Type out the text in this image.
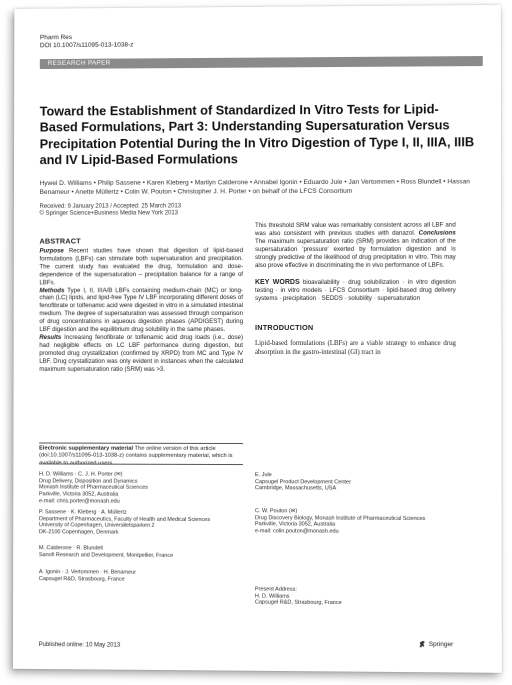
Pharm Res
DOI 10.1007/s11095-013-1038-z
RESEARCH PAPER
Toward the Establishment of Standardized In Vitro Tests for Lipid-Based Formulations, Part 3: Understanding Supersaturation Versus Precipitation Potential During the In Vitro Digestion of Type I, II, IIIA, IIIB and IV Lipid-Based Formulations
Hywel D. Williams • Philip Sassene • Karen Kleberg • Marilyn Calderone • Annabel Igonin • Eduardo Jule • Jan Vertommen • Ross Blundell • Hassan Benameur • Anette Müllertz • Colin W. Pouton • Christopher J. H. Porter • on behalf of the LFCS Consortium
Received: 9 January 2013 / Accepted: 25 March 2013
© Springer Science+Business Media New York 2013
ABSTRACT

Purpose Recent studies have shown that digestion of lipid-based formulations (LBFs) can stimulate both supersaturation and precipitation. The current study has evaluated the drug, formulation and dose-dependence of the supersaturation – precipitation balance for a range of LBFs.

Methods Type I, II, IIIA/B LBFs containing medium-chain (MC) or long-chain (LC) lipids, and lipid-free Type IV LBF incorporating different doses of fenofibrate or tolfenamic acid were digested in vitro in a simulated intestinal medium. The degree of supersaturation was assessed through comparison of drug concentrations in aqueous digestion phases (APDIGEST) during LBF digestion and the equilibrium drug solubility in the same phases.

Results Increasing fenofibrate or tolfenamic acid drug loads (i.e., dose) had negligible effects on LC LBF performance during digestion, but promoted drug crystallization (confirmed by XRPD) from MC and Type IV LBF. Drug crystallization was only evident in instances when the calculated maximum supersaturation ratio (SRM) was >3.

This threshold SRM value was remarkably consistent across all LBF and was also consistent with previous studies with danazol. Conclusions The maximum supersaturation ratio (SRM) provides an indication of the supersaturation 'pressure' exerted by formulation digestion and is strongly predictive of the likelihood of drug precipitation in vitro. This may also prove effective in discriminating the in vivo performance of LBFs.

KEY WORDS bioavailability · drug solubilization · in vitro digestion testing · in vitro models · LFCS Consortium · lipid-based drug delivery systems · precipitation · SEDDS · solubility · supersaturation

INTRODUCTION

Lipid-based formulations (LBFs) are a viable strategy to enhance drug absorption in the gastro-intestinal (GI) tract in

Electronic supplementary material The online version of this article (doi:10.1007/s11095-013-1038-z) contains supplementary material, which is available to authorized users.
H. D. Williams · C. J. H. Porter (✉)
Drug Delivery, Disposition and Dynamics
Monash Institute of Pharmaceutical Sciences
Parkville, Victoria 3052, Australia
e-mail: chris.porter@monash.edu
P. Sassene · K. Kleberg · A. Müllertz
Department of Pharmaceutics, Faculty of Health and Medical Sciences
University of Copenhagen, Universitetsparken 2
DK-2100 Copenhagen, Denmark
M. Calderone · R. Blundell
Sanofi Research and Development, Montpellier, France
A. Igonin · J. Vertommen · H. Benameur
Capsugel R&D, Strasbourg, France
E. Jule
Capsugel Product Development Center
Cambridge, Massachusetts, USA
C. W. Pouton (✉)
Drug Discovery Biology, Monash Institute of Pharmaceutical Sciences
Parkville, Victoria 3052, Australia
e-mail: colin.pouton@monash.edu
Present Address:
H. D. Williams
Capsugel R&D, Strasbourg, France
Published online: 10 May 2013	Springer
